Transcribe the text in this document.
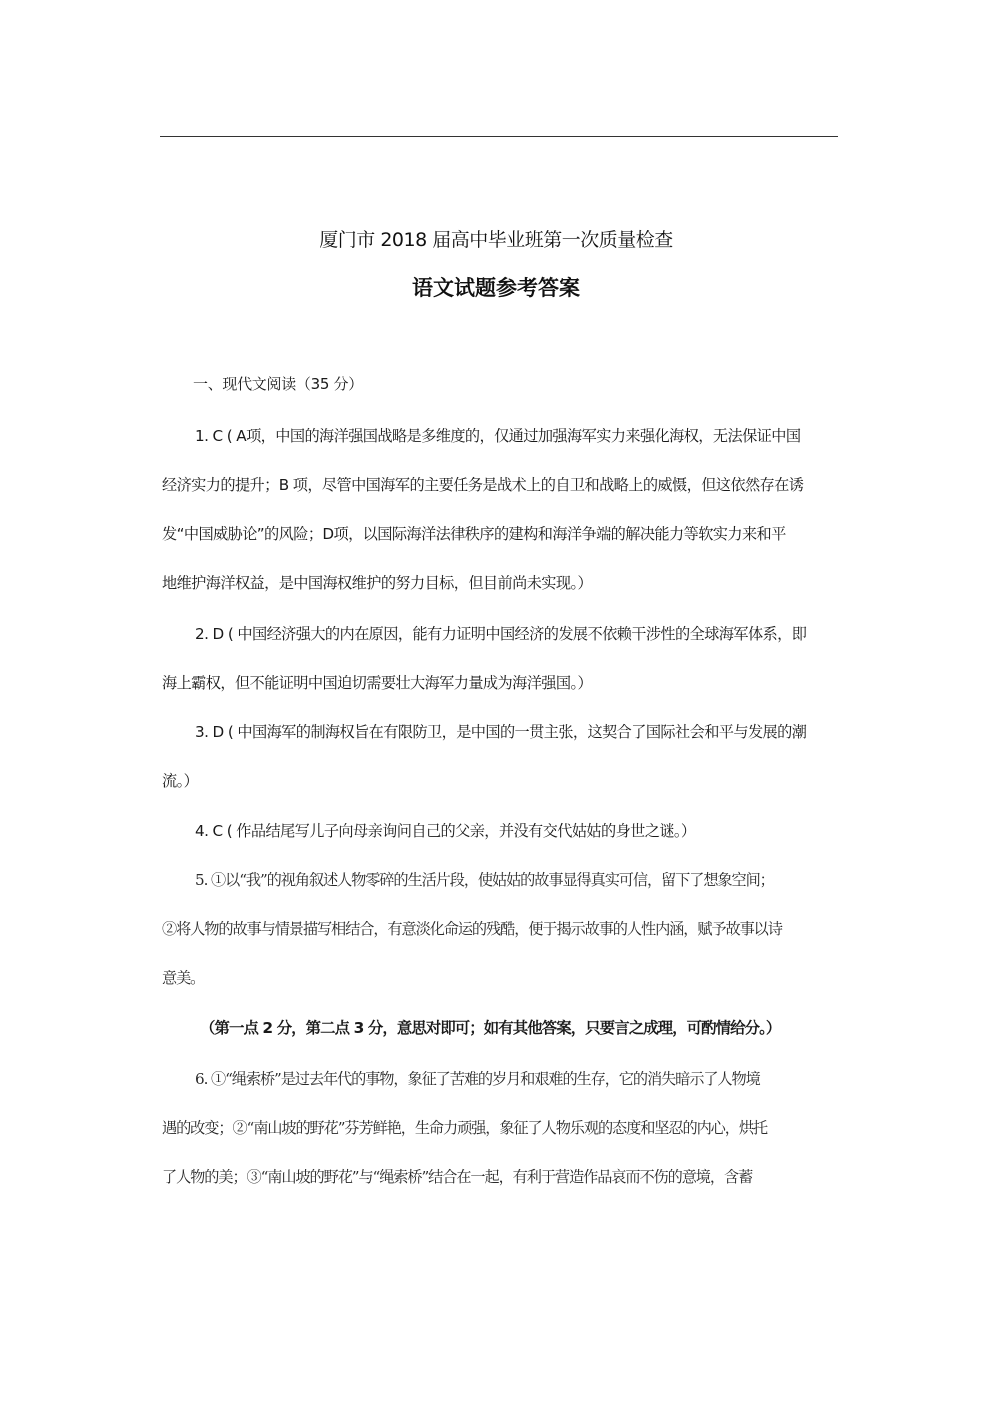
厦门市 2018 届高中毕业班第一次质量检查
语文试题参考答案
一、现代文阅读（35 分）
1. C ( A项，中国的海洋强国战略是多维度的，仅通过加强海军实力来强化海权，无法保证中国
经济实力的提升；B 项，尽管中国海军的主要任务是战术上的自卫和战略上的威慑，但这依然存在诱
发“中国威胁论”的风险；D项，以国际海洋法律秩序的建构和海洋争端的解决能力等软实力来和平
地维护海洋权益，是中国海权维护的努力目标，但目前尚未实现。）
2. D ( 中国经济强大的内在原因，能有力证明中国经济的发展不依赖干涉性的全球海军体系，即
海上霸权，但不能证明中国迫切需要壮大海军力量成为海洋强国。）
3. D ( 中国海军的制海权旨在有限防卫，是中国的一贯主张，这契合了国际社会和平与发展的潮
流。）
4. C ( 作品结尾写儿子向母亲询问自己的父亲，并没有交代姑姑的身世之谜。）
5. ①以“我”的视角叙述人物零碎的生活片段，使姑姑的故事显得真实可信，留下了想象空间；
②将人物的故事与情景描写相结合，有意淡化命运的残酷，便于揭示故事的人性内涵，赋予故事以诗
意美。
（第一点 2 分，第二点 3 分，意思对即可；如有其他答案，只要言之成理，可酌情给分。）
6. ①“绳索桥”是过去年代的事物，象征了苦难的岁月和艰难的生存，它的消失暗示了人物境
遇的改变；②“南山坡的野花”芬芳鲜艳，生命力顽强，象征了人物乐观的态度和坚忍的内心，烘托
了人物的美；③“南山坡的野花”与“绳索桥”结合在一起，有利于营造作品哀而不伤的意境，含蓄
